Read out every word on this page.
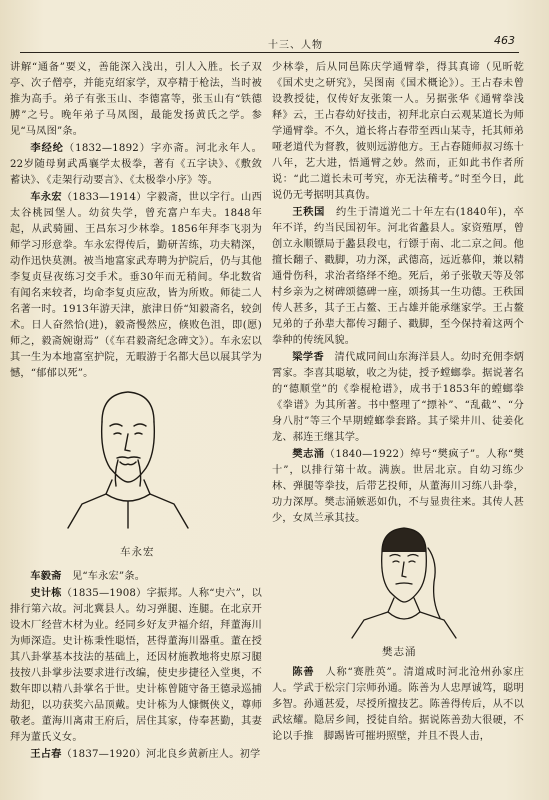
十三、人物	463

讲解“通备”要义，善能深入浅出，引人入胜。长子双亭、次子僧亭，并能克绍家学，双亭精于枪法，当时被推为高手。弟子有张玉山、李德富等，张玉山有“铁德膊”之号。晚年弟子马凤图，最能发扬黄氏之学。参见“马凤图”条。

李经纶（1832—1892）字亦斋。河北永年人。22岁随母舅武禹襄学太极拳，著有《五字诀》、《敷敛蓄诀》、《走架行动要言》、《太极拳小序》等。

车永宏（1833—1914）字毅斋，世以字行。山西太谷桃园堡人。幼贫失学，曾充富户车夫。1848年起，从武骑圃、王昌东习少林拳。1856年拜李飞羽为师学习形意拳。车永宏得传后，勤研苦练，功夫精深，动作迅快莫测。被当地富家武寿聘为护院后，仍与其他李复贞昼夜练习交手术。垂30年而无稍间。华北数省有闻名来较者，均命李复贞应敌，皆为所败。师徒二人名著一时。1913年游天津，旅津日侨“知毅斋名，较剑术。日人奋然恰(进)，毅斋慢然应，倏败色沮，即(愿)师之，毅斋婉谢焉”（《车君毅斋纪念碑文》）。车永宏以其一生为本地富室护院，无暇游于名都大邑以展其学为憾，“郁郁以死”。

车毅斋　 见“车永宏”条。

史计栋（1835—1908）字振邦。人称“史六”，以排行第六故。河北冀县人。幼习弹腿、连腿。在北京开设木厂经营木材为业。经同乡好友尹福介绍，拜董海川为师深造。史计栋秉性聪悟，甚得董海川器重。董在授其八卦掌基本技法的基础上，还因材施教地将史原习腿技按八卦掌步法要求进行改编，使史步捷径入堂奥，不数年即以精八卦掌名于世。史计栋曾随守备王德录巡捕劫犯，以功获奖六品顶戴。史计栋为人慷慨侠义，尊师敬老。董海川离肃王府后，居住其家，侍奉甚勤，其妻拜为董氏义女。

王占春（1837—1920）河北良乡黄新庄人。初学

车永宏

少林拳，后从同邑陈庆学通臂拳，得其真谛（见昕乾《国术史之研究》，吴图南《国术概论》）。王占春未曾设教授徒，仅传好友张策一人。另据张华《通臂拳浅释》云，王占春幼好技击，初拜北京白云观某道长为师学通臂拳。不久，道长将占春带至西山某寺，托其师弟哑老道代为督教，彼则远游他方。王占春随师叔习练十八年，艺大进，悟通臂之妙。然而，正如此书作者所说：“此二道长未可考究，亦无法稽考。”时至今日，此说仍无考据明其真伪。

王秩国　 约生于清道光二十年左右(1840年)，卒年不详，约当民国初年。河北省蠡县人。家资殖厚，曾创立永顺镖局于蠡县段屯，行镖于南、北二京之间。他擅长翻子、戳脚，功力深，武德高，远近慕仰，兼以精通骨伤科，求治者络绎不绝。死后，弟子张敬天等及邻村乡亲为之树碑颂德碑一座，颂扬其一生功德。王秩国传人甚多，其子王占鳌、王占雄并能承继家学。王占鳌兄弟的子孙辈大都传习翻子、戳脚，至今保持着这两个拳种的传统风貌。

梁学香　 清代咸同间山东海洋县人。幼时充佣李炳霄家。李喜其聪敏，收之为徒，授予螳螂拳。据说著名的“德顺堂”的《拳棍枪谱》，成书于1853年的螳螂拳《拳谱》为其所著。书中整理了“摽补”、“乱截”、“分身八肘”等三个早期螳螂拳套路。其子梁井川、徒姜化龙、郝连王继其学。

樊志涌（1840—1922）绰号“樊疯子”。人称“樊十”，以排行第十故。满族。世居北京。自幼习练少林、弹腿等拳技，后带艺投师，从董海川习练八卦拳，功力深厚。樊志涌嫉恶如仇，不与显贵往来。其传人甚少，女凤兰承其技。

樊志涌

陈善　 人称“赛胜英”。清道咸时河北沧州孙家庄人。学武于松宗门宗师孙通。陈善为人忠厚诚笃，聪明多智。孙通甚爱，尽授所擅技艺。陈善得传后，从不以武炫耀。隐居乡间，授徒自给。据说陈善劲大很硬，不论以手推　脚踢皆可摧坍照壁，并且不畏人击，
